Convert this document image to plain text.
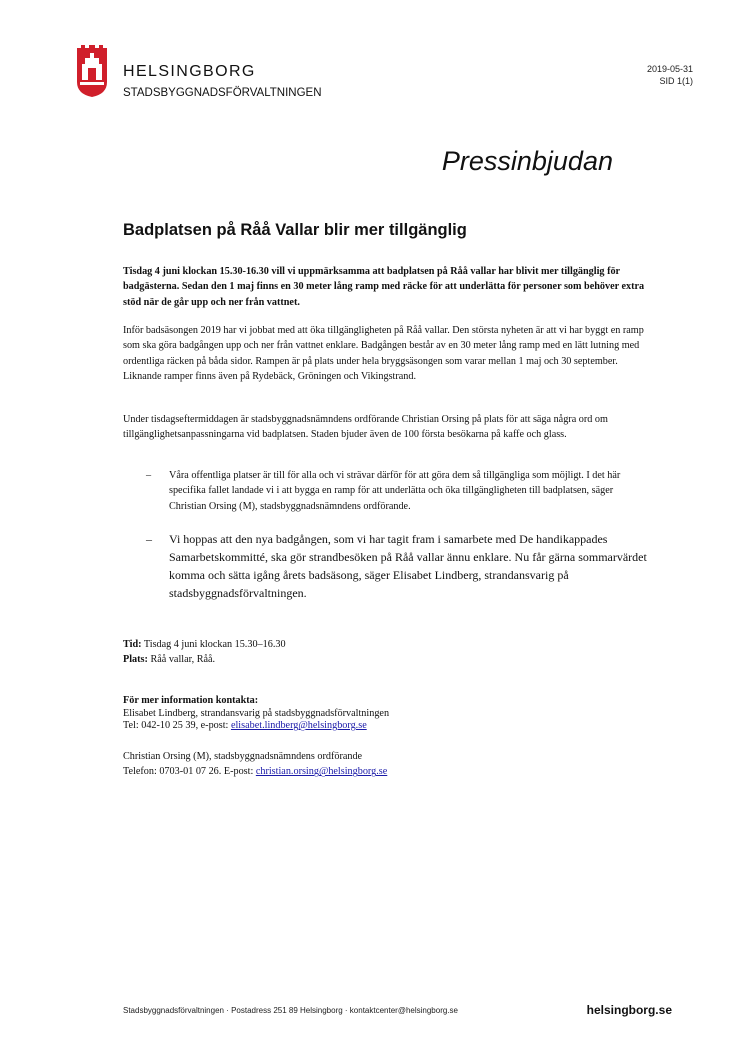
HELSINGBORG
STADSBYGGNADSFÖRVALTNINGEN
2019-05-31
SID 1(1)
Pressinbjudan
Badplatsen på Råå Vallar blir mer tillgänglig
Tisdag 4 juni klockan 15.30-16.30 vill vi uppmärksamma att badplatsen på Råå vallar har blivit mer tillgänglig för badgästerna. Sedan den 1 maj finns en 30 meter lång ramp med räcke för att underlätta för personer som behöver extra stöd när de går upp och ner från vattnet.
Inför badsäsongen 2019 har vi jobbat med att öka tillgängligheten på Råå vallar. Den största nyheten är att vi har byggt en ramp som ska göra badgången upp och ner från vattnet enklare. Badgången består av en 30 meter lång ramp med en lätt lutning med ordentliga räcken på båda sidor. Rampen är på plats under hela bryggsäsongen som varar mellan 1 maj och 30 september. Liknande ramper finns även på Rydebäck, Gröningen och Vikingstrand.
Under tisdagseftermiddagen är stadsbyggnadsnämndens ordförande Christian Orsing på plats för att säga några ord om tillgänglighetsanpassningarna vid badplatsen. Staden bjuder även de 100 första besökarna på kaffe och glass.
–	Våra offentliga platser är till för alla och vi strävar därför för att göra dem så tillgängliga som möjligt. I det här specifika fallet landade vi i att bygga en ramp för att underlätta och öka tillgängligheten till badplatsen, säger Christian Orsing (M), stadsbyggnadsnämndens ordförande.
–	Vi hoppas att den nya badgången, som vi har tagit fram i samarbete med De handikappades Samarbetskommitté, ska gör strandbesöken på Råå vallar ännu enklare. Nu får gärna sommarvärdet komma och sätta igång årets badsäsong, säger Elisabet Lindberg, strandansvarig på stadsbyggnadsförvaltningen.
Tid: Tisdag 4 juni klockan 15.30–16.30
Plats: Råå vallar, Råå.
För mer information kontakta:
Elisabet Lindberg, strandansvarig på stadsbyggnadsförvaltningen
Tel: 042-10 25 39, e-post: elisabet.lindberg@helsingborg.se
Christian Orsing (M), stadsbyggnadsnämndens ordförande
Telefon: 0703-01 07 26. E-post: christian.orsing@helsingborg.se
Stadsbyggnadsförvaltningen · Postadress 251 89 Helsingborg · kontaktcenter@helsingborg.se	helsingborg.se
